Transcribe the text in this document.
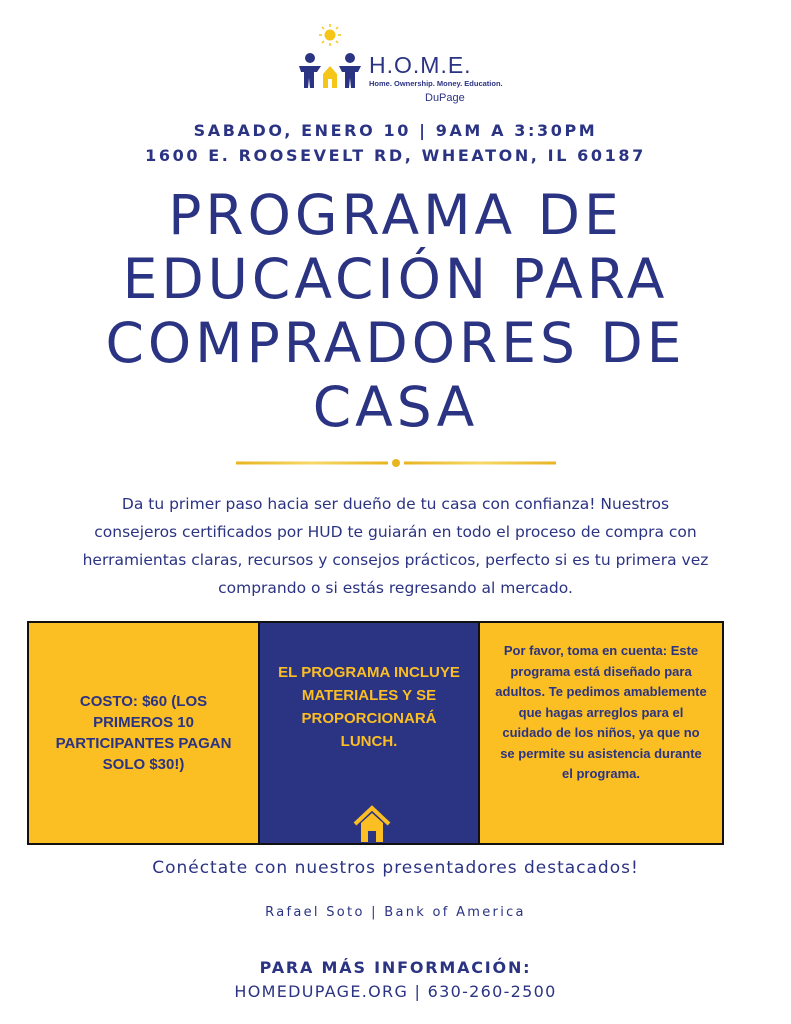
H.O.M.E.
Home. Ownership. Money. Education.
DuPage
SABADO, ENERO 10 | 9AM A 3:30PM
1600 E. ROOSEVELT RD, WHEATON, IL 60187
PROGRAMA DE
EDUCACIÓN PARA
COMPRADORES DE
CASA
Da tu primer paso hacia ser dueño de tu casa con confianza! Nuestros consejeros certificados por HUD te guiarán en todo el proceso de compra con herramientas claras, recursos y consejos prácticos, perfecto si es tu primera vez comprando o si estás regresando al mercado.
COSTO: $60 (LOS PRIMEROS 10 PARTICIPANTES PAGAN SOLO $30!)
EL PROGRAMA INCLUYE MATERIALES Y SE PROPORCIONARÁ LUNCH.
Por favor, toma en cuenta: Este programa está diseñado para adultos. Te pedimos amablemente que hagas arreglos para el cuidado de los niños, ya que no se permite su asistencia durante el programa.
Conéctate con nuestros presentadores destacados!
Rafael Soto | Bank of America
PARA MÁS INFORMACIÓN:
HOMEDUPAGE.ORG | 630-260-2500
